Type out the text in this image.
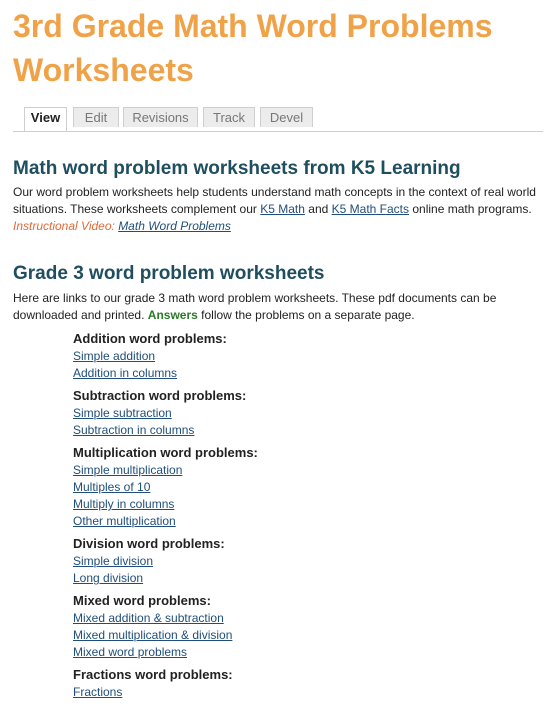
3rd Grade Math Word Problems Worksheets
View	Edit	Revisions	Track	Devel
Math word problem worksheets from K5 Learning

Our word problem worksheets help students understand math concepts in the context of real world situations. These worksheets complement our K5 Math and K5 Math Facts online math programs. Instructional Video: Math Word Problems

Grade 3 word problem worksheets

Here are links to our grade 3 math word problem worksheets. These pdf documents can be downloaded and printed. Answers follow the problems on a separate page.

Addition word problems:
Simple addition
Addition in columns
Subtraction word problems:
Simple subtraction
Subtraction in columns
Multiplication word problems:
Simple multiplication
Multiples of 10
Multiply in columns
Other multiplication
Division word problems:
Simple division
Long division
Mixed word problems:
Mixed addition & subtraction
Mixed multiplication & division
Mixed word problems
Fractions word problems:
Fractions
